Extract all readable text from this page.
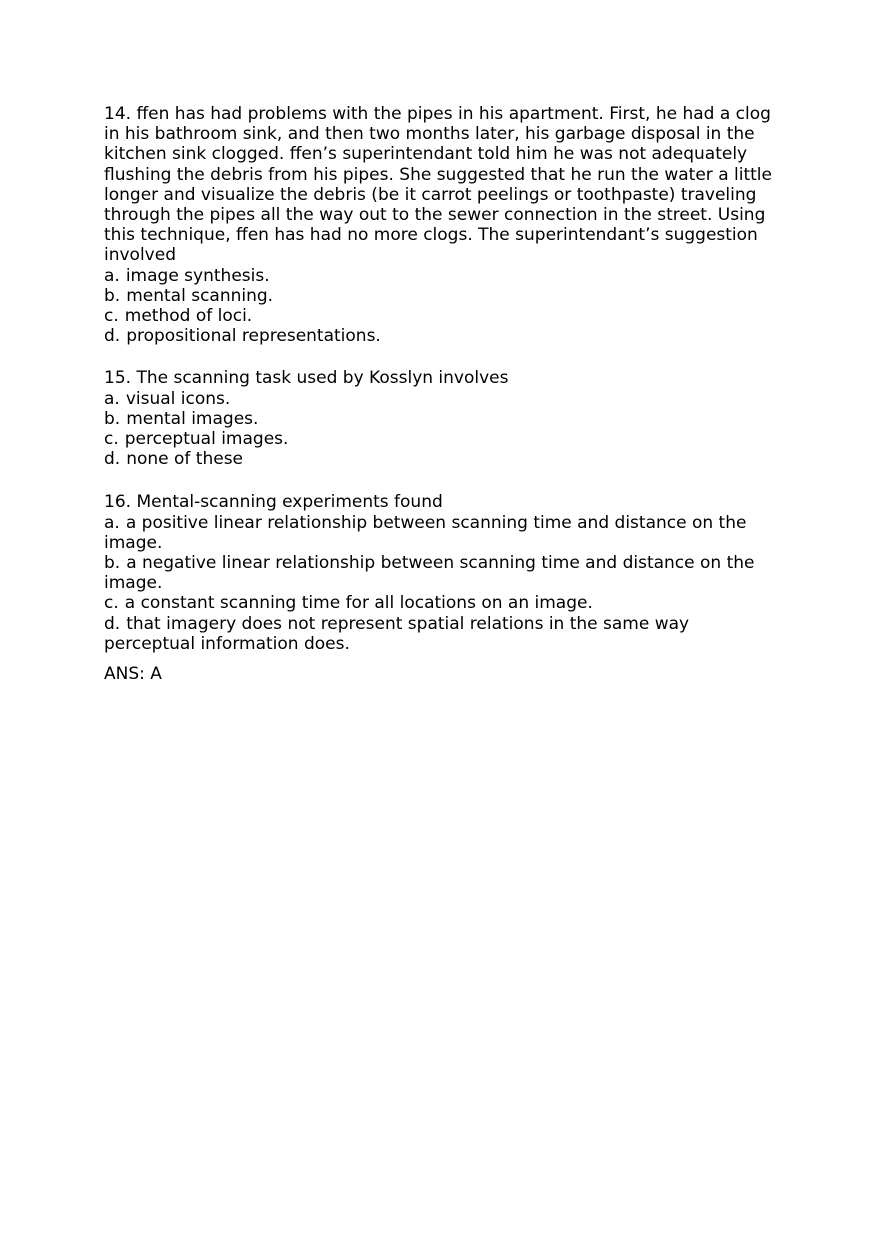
14. ffen has had problems with the pipes in his apartment. First, he had a clog in his bathroom sink, and then two months later, his garbage disposal in the kitchen sink clogged. ffen’s superintendant told him he was not adequately flushing the debris from his pipes. She suggested that he run the water a little longer and visualize the debris (be it carrot peelings or toothpaste) traveling through the pipes all the way out to the sewer connection in the street. Using this technique, ffen has had no more clogs. The superintendant’s suggestion involved

a. image synthesis.
b. mental scanning.
c. method of loci.
d. propositional representations.

15. The scanning task used by Kosslyn involves

a. visual icons.
b. mental images.
c. perceptual images.
d. none of these

16. Mental-scanning experiments found

a. a positive linear relationship between scanning time and distance on the image.
b. a negative linear relationship between scanning time and distance on the image.
c. a constant scanning time for all locations on an image.
d. that imagery does not represent spatial relations in the same way perceptual information does.

ANS: A
